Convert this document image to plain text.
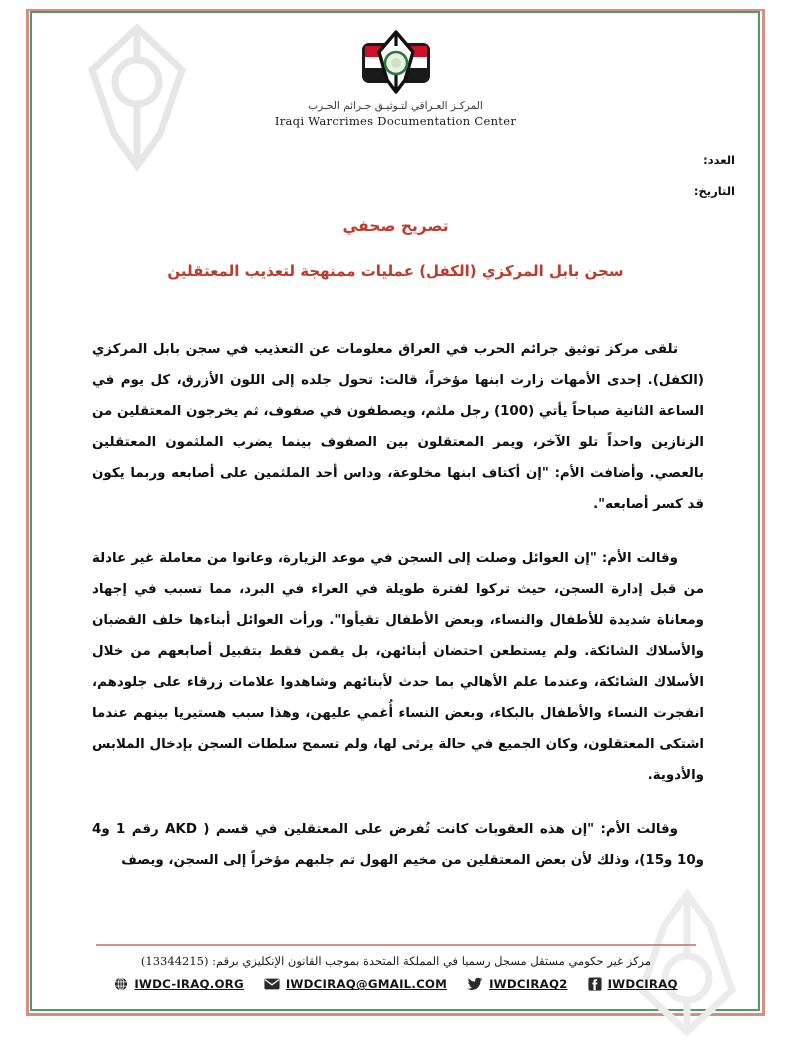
المركـز العـراقي لتـوثيـق جـرائم الحـرب
Iraqi Warcrimes Documentation Center
العدد:
التاريخ:
تصريح صحفي
سجن بابل المركزي (الكفل) عمليات ممنهجة لتعذيب المعتقلين

تلقى مركز توثيق جرائم الحرب في العراق معلومات عن التعذيب في سجن بابل المركزي (الكفل). إحدى الأمهات زارت ابنها مؤخراً، قالت: تحول جلده إلى اللون الأزرق، كل يوم في الساعة الثانية صباحاً يأتي (100) رجل ملثم، ويصطفون في صفوف، ثم يخرجون المعتقلين من الزنازين واحداً تلو الآخر، ويمر المعتقلون بين الصفوف بينما يضرب الملثمون المعتقلين بالعصي. وأضافت الأم: "إن أكتاف ابنها مخلوعة، وداس أحد الملثمين على أصابعه وربما يكون قد كسر أصابعه".

وقالت الأم: "إن العوائل وصلت إلى السجن في موعد الزيارة، وعانوا من معاملة غير عادلة من قبل إدارة السجن، حيث تركوا لفترة طويلة في العراء في البرد، مما تسبب في إجهاد ومعاناة شديدة للأطفال والنساء، وبعض الأطفال تقيأوا". ورأت العوائل أبناءها خلف القضبان والأسلاك الشائكة. ولم يستطعن احتضان أبنائهن، بل يقمن فقط بتقبيل أصابعهم من خلال الأسلاك الشائكة، وعندما علم الأهالي بما حدث لأبنائهم وشاهدوا علامات زرقاء على جلودهم، انفجرت النساء والأطفال بالبكاء، وبعض النساء أُغمي عليهن، وهذا سبب هستيريا بينهم عندما اشتكى المعتقلون، وكان الجميع في حالة يرثى لها، ولم تسمح سلطات السجن بإدخال الملابس والأدوية.

وقالت الأم: "إن هذه العقوبات كانت تُفرض على المعتقلين في قسم ( AKD رقم 1 و4 و10 و15)، وذلك لأن بعض المعتقلين من مخيم الهول تم جلبهم مؤخراً إلى السجن، ويصف

مركز غير حكومي مستقل مسجل رسميا في المملكة المتحدة بموجب القانون الإنكليزي برقم: (13344215)
IWDC-IRAQ.ORG	IWDCIRAQ@GMAIL.COM	IWDCIRAQ2	IWDCIRAQ
